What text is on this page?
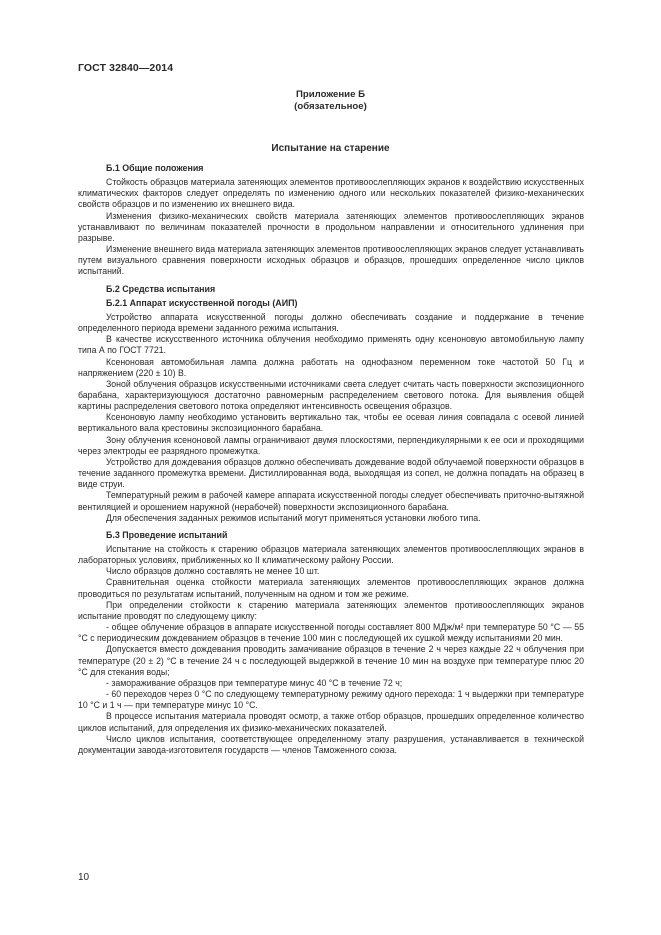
ГОСТ 32840—2014
Приложение Б
(обязательное)
Испытание на старение
Б.1 Общие положения

Стойкость образцов материала затеняющих элементов противоослепляющих экранов к воздействию искусственных климатических факторов следует определять по изменению одного или нескольких показателей физико-механических свойств образцов и по изменению их внешнего вида.

Изменения физико-механических свойств материала затеняющих элементов противоослепляющих экранов устанавливают по величинам показателей прочности в продольном направлении и относительного удлинения при разрыве.

Изменение внешнего вида материала затеняющих элементов противоослепляющих экранов следует устанавливать путем визуального сравнения поверхности исходных образцов и образцов, прошедших определенное число циклов испытаний.

Б.2 Средства испытания
Б.2.1 Аппарат искусственной погоды (АИП)

Устройство аппарата искусственной погоды должно обеспечивать создание и поддержание в течение определенного периода времени заданного режима испытания.

В качестве искусственного источника облучения необходимо применять одну ксеноновую автомобильную лампу типа А по ГОСТ 7721.

Ксеноновая автомобильная лампа должна работать на однофазном переменном токе частотой 50 Гц и напряжением (220 ± 10) В.

Зоной облучения образцов искусственными источниками света следует считать часть поверхности экспозиционного барабана, характеризующуюся достаточно равномерным распределением светового потока. Для выявления общей картины распределения светового потока определяют интенсивность освещения образцов.

Ксеноновую лампу необходимо установить вертикально так, чтобы ее осевая линия совпадала с осевой линией вертикального вала крестовины экспозиционного барабана.

Зону облучения ксеноновой лампы ограничивают двумя плоскостями, перпендикулярными к ее оси и проходящими через электроды ее разрядного промежутка.

Устройство для дождевания образцов должно обеспечивать дождевание водой облучаемой поверхности образцов в течение заданного промежутка времени. Дистиллированная вода, выходящая из сопел, не должна попадать на образец в виде струи.

Температурный режим в рабочей камере аппарата искусственной погоды следует обеспечивать приточно-вытяжной вентиляцией и орошением наружной (нерабочей) поверхности экспозиционного барабана.

Для обеспечения заданных режимов испытаний могут применяться установки любого типа.

Б.3 Проведение испытаний

Испытание на стойкость к старению образцов материала затеняющих элементов противоослепляющих экранов в лабораторных условиях, приближенных ко II климатическому району России.

Число образцов должно составлять не менее 10 шт.

Сравнительная оценка стойкости материала затеняющих элементов противоослепляющих экранов должна проводиться по результатам испытаний, полученным на одном и том же режиме.

При определении стойкости к старению материала затеняющих элементов противоослепляющих экранов испытание проводят по следующему циклу:

- общее облучение образцов в аппарате искусственной погоды составляет 800 МДж/м² при температуре 50 °С — 55 °С с периодическим дождеванием образцов в течение 100 мин с последующей их сушкой между испытаниями 20 мин.

Допускается вместо дождевания проводить замачивание образцов в течение 2 ч через каждые 22 ч облучения при температуре (20 ± 2) °С в течение 24 ч с последующей выдержкой в течение 10 мин на воздухе при температуре плюс 20 °С для стекания воды;

- замораживание образцов при температуре минус 40 °С в течение 72 ч;

- 60 переходов через 0 °С по следующему температурному режиму одного перехода: 1 ч выдержки при температуре 10 °С и 1 ч — при температуре минус 10 °С.

В процессе испытания материала проводят осмотр, а также отбор образцов, прошедших определенное количество циклов испытаний, для определения их физико-механических показателей.

Число циклов испытания, соответствующее определенному этапу разрушения, устанавливается в технической документации завода-изготовителя государств — членов Таможенного союза.

10
